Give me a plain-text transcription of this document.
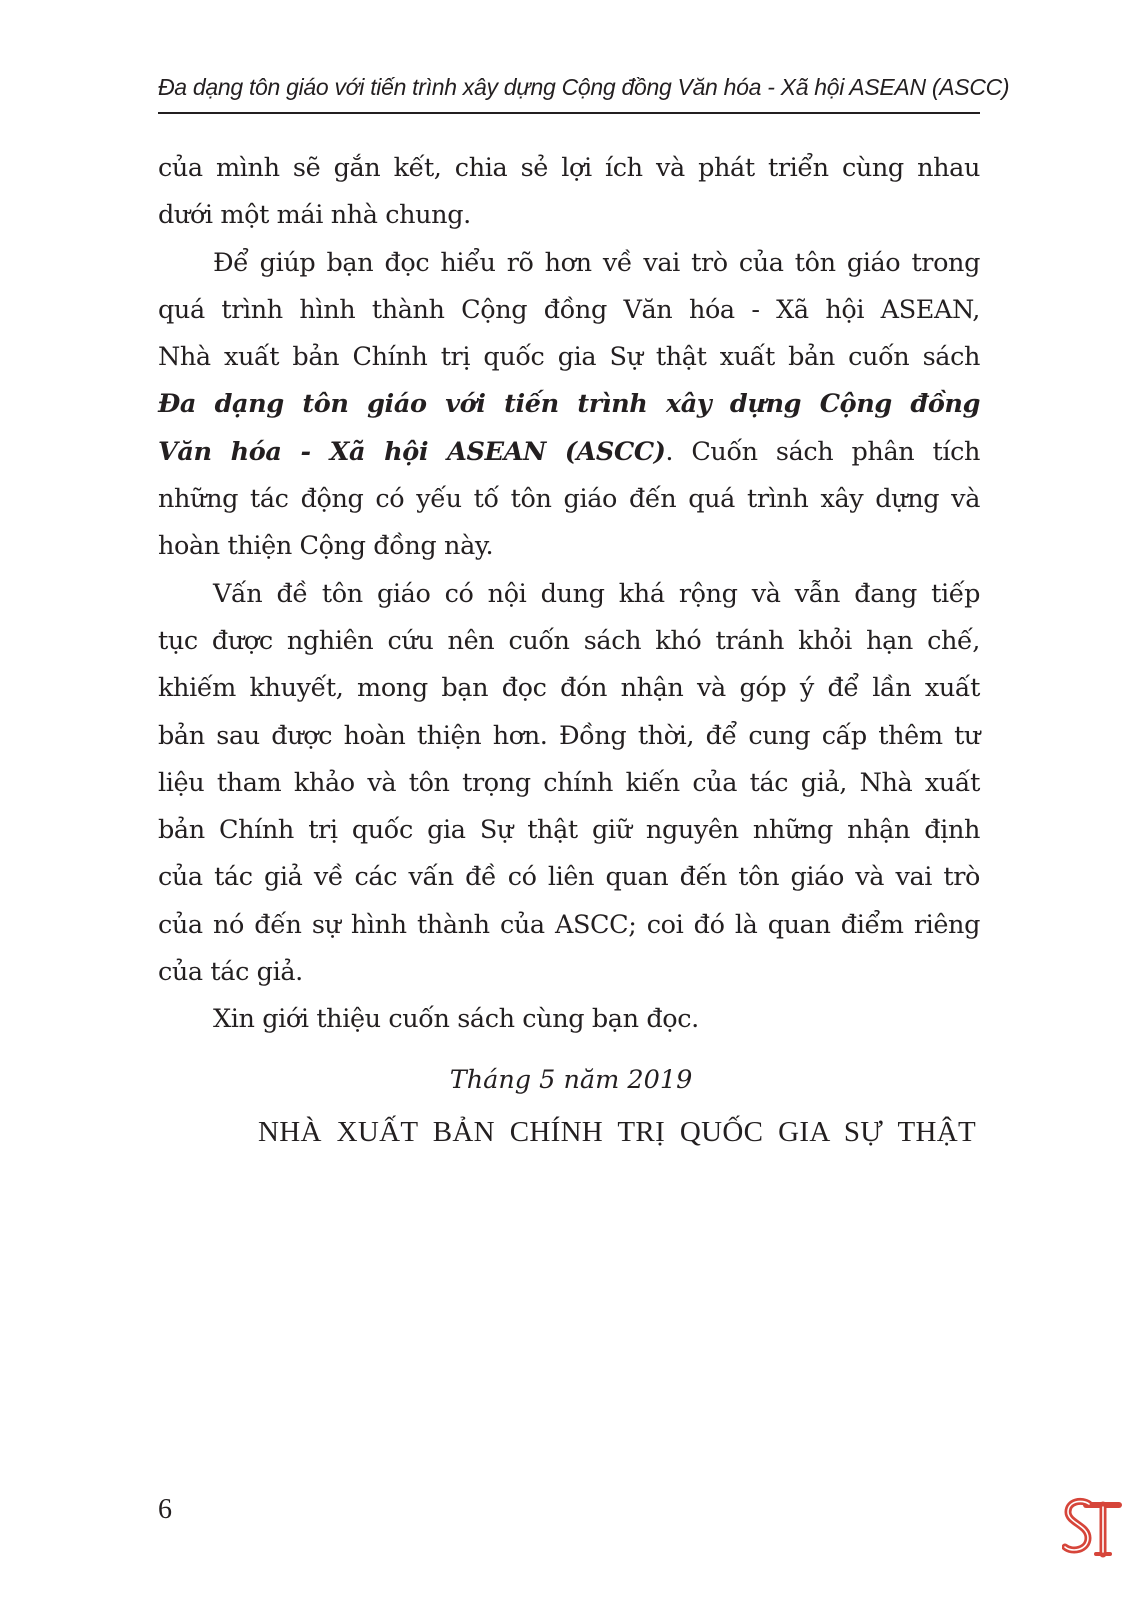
Đa dạng tôn giáo với tiến trình xây dựng Cộng đồng Văn hóa - Xã hội ASEAN (ASCC)
của mình sẽ gắn kết, chia sẻ lợi ích và phát triển cùng nhau
dưới một mái nhà chung.
Để giúp bạn đọc hiểu rõ hơn về vai trò của tôn giáo trong
quá trình hình thành Cộng đồng Văn hóa - Xã hội ASEAN,
Nhà xuất bản Chính trị quốc gia Sự thật xuất bản cuốn sách
Đa dạng tôn giáo với tiến trình xây dựng Cộng đồng
Văn hóa - Xã hội ASEAN (ASCC). Cuốn sách phân tích
những tác động có yếu tố tôn giáo đến quá trình xây dựng và
hoàn thiện Cộng đồng này.
Vấn đề tôn giáo có nội dung khá rộng và vẫn đang tiếp
tục được nghiên cứu nên cuốn sách khó tránh khỏi hạn chế,
khiếm khuyết, mong bạn đọc đón nhận và góp ý để lần xuất
bản sau được hoàn thiện hơn. Đồng thời, để cung cấp thêm tư
liệu tham khảo và tôn trọng chính kiến của tác giả, Nhà xuất
bản Chính trị quốc gia Sự thật giữ nguyên những nhận định
của tác giả về các vấn đề có liên quan đến tôn giáo và vai trò
của nó đến sự hình thành của ASCC; coi đó là quan điểm riêng
của tác giả.
Xin giới thiệu cuốn sách cùng bạn đọc.
Tháng 5 năm 2019
NHÀ XUẤT BẢN CHÍNH TRỊ QUỐC GIA SỰ THẬT
6
